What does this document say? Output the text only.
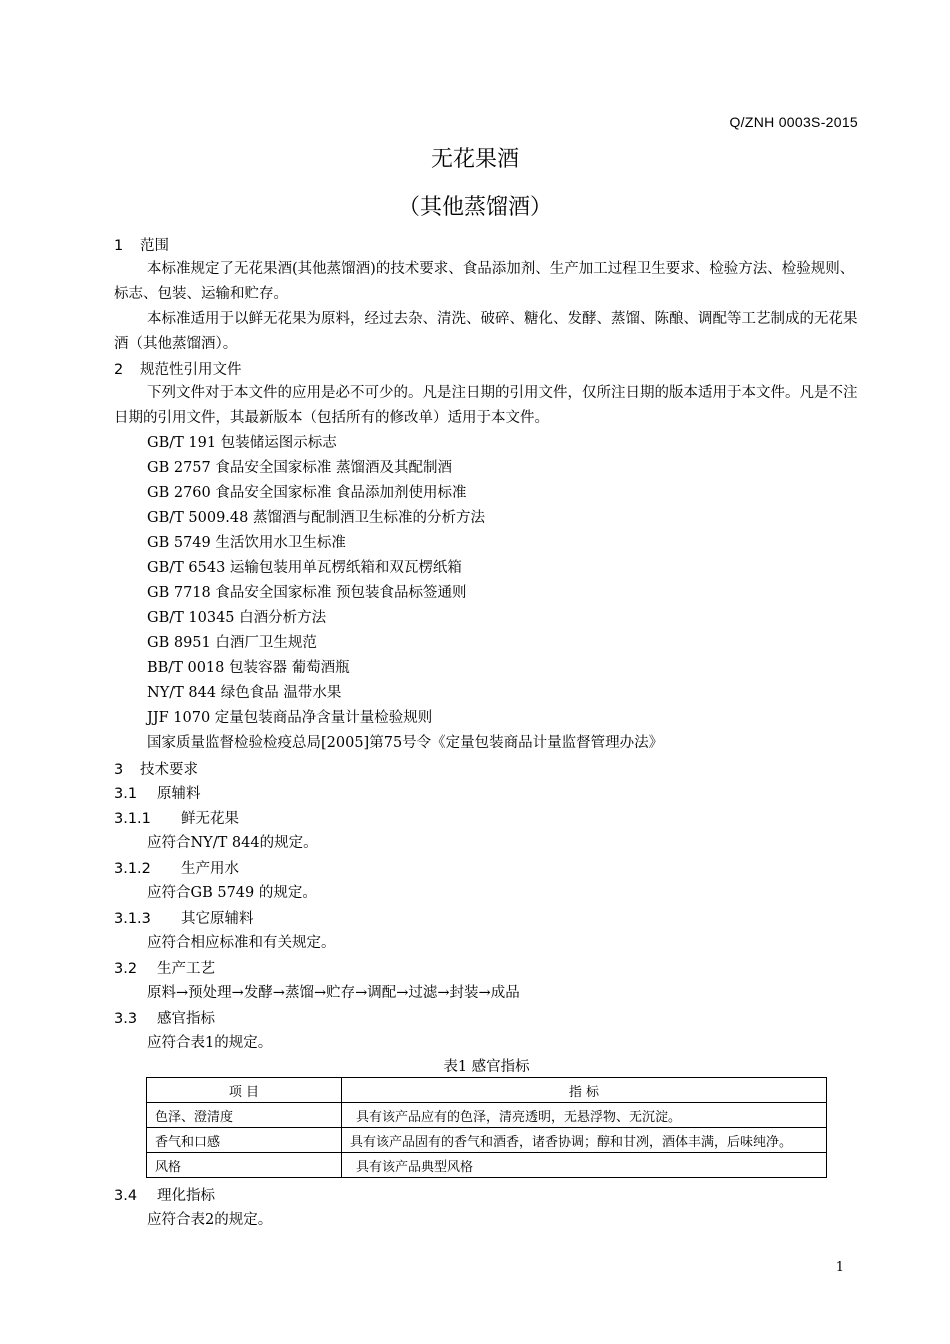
Q/ZNH 0003S-2015
无花果酒
（其他蒸馏酒）
1 范围
本标准规定了无花果酒(其他蒸馏酒)的技术要求、食品添加剂、生产加工过程卫生要求、检验方法、检验规则、标志、包装、运输和贮存。
本标准适用于以鲜无花果为原料，经过去杂、清洗、破碎、糖化、发酵、蒸馏、陈酿、调配等工艺制成的无花果酒（其他蒸馏酒）。
2 规范性引用文件
下列文件对于本文件的应用是必不可少的。凡是注日期的引用文件，仅所注日期的版本适用于本文件。凡是不注日期的引用文件，其最新版本（包括所有的修改单）适用于本文件。
GB/T 191 包装储运图示标志
GB 2757 食品安全国家标准 蒸馏酒及其配制酒
GB 2760 食品安全国家标准 食品添加剂使用标准
GB/T 5009.48 蒸馏酒与配制酒卫生标准的分析方法
GB 5749 生活饮用水卫生标准
GB/T 6543 运输包装用单瓦楞纸箱和双瓦楞纸箱
GB 7718 食品安全国家标准 预包装食品标签通则
GB/T 10345 白酒分析方法
GB 8951 白酒厂卫生规范
BB/T 0018 包装容器 葡萄酒瓶
NY/T 844 绿色食品 温带水果
JJF 1070 定量包装商品净含量计量检验规则
国家质量监督检验检疫总局[2005]第75号令《定量包装商品计量监督管理办法》
3 技术要求
3.1 原辅料
3.1.1 鲜无花果
应符合NY/T 844的规定。
3.1.2 生产用水
应符合GB 5749 的规定。
3.1.3 其它原辅料
应符合相应标准和有关规定。
3.2 生产工艺
原料→预处理→发酵→蒸馏→贮存→调配→过滤→封装→成品
3.3 感官指标
应符合表1的规定。
表1 感官指标
项 目	指 标
色泽、澄清度	具有该产品应有的色泽，清亮透明，无悬浮物、无沉淀。
香气和口感	具有该产品固有的香气和酒香，诸香协调；醇和甘冽，酒体丰满，后味纯净。
风格	具有该产品典型风格
3.4 理化指标
应符合表2的规定。
1
